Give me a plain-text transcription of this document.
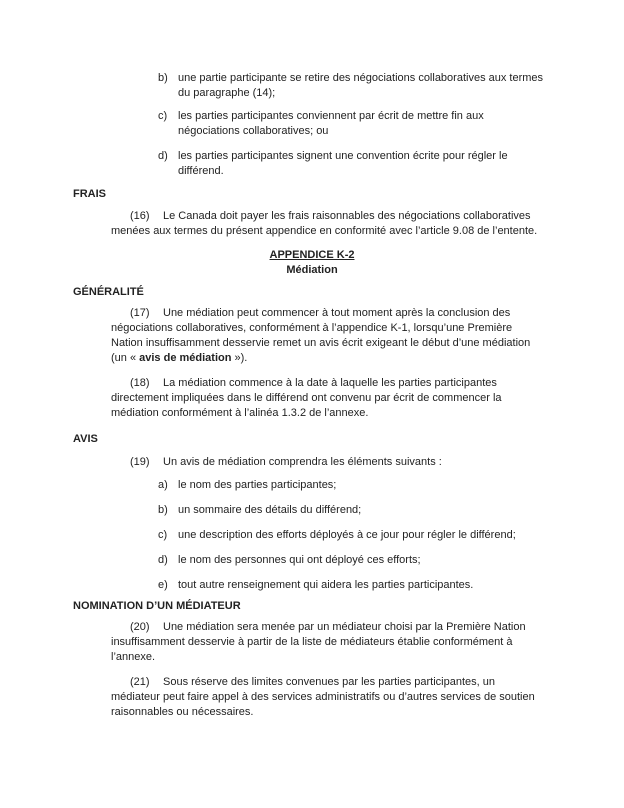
b) une partie participante se retire des négociations collaboratives aux termes
du paragraphe (14);
c) les parties participantes conviennent par écrit de mettre fin aux
négociations collaboratives; ou
d) les parties participantes signent une convention écrite pour régler le
différend.
FRAIS
(16) Le Canada doit payer les frais raisonnables des négociations collaboratives
menées aux termes du présent appendice en conformité avec l’article 9.08 de l’entente.
APPENDICE K-2
Médiation
GÉNÉRALITÉ
(17) Une médiation peut commencer à tout moment après la conclusion des
négociations collaboratives, conformément à l’appendice K-1, lorsqu’une Première
Nation insuffisamment desservie remet un avis écrit exigeant le début d’une médiation
(un « avis de médiation »).
(18) La médiation commence à la date à laquelle les parties participantes
directement impliquées dans le différend ont convenu par écrit de commencer la
médiation conformément à l’alinéa 1.3.2 de l’annexe.
AVIS
(19) Un avis de médiation comprendra les éléments suivants :
a) le nom des parties participantes;
b) un sommaire des détails du différend;
c) une description des efforts déployés à ce jour pour régler le différend;
d) le nom des personnes qui ont déployé ces efforts;
e) tout autre renseignement qui aidera les parties participantes.
NOMINATION D’UN MÉDIATEUR
(20) Une médiation sera menée par un médiateur choisi par la Première Nation
insuffisamment desservie à partir de la liste de médiateurs établie conformément à
l’annexe.
(21) Sous réserve des limites convenues par les parties participantes, un
médiateur peut faire appel à des services administratifs ou d’autres services de soutien
raisonnables ou nécessaires.
